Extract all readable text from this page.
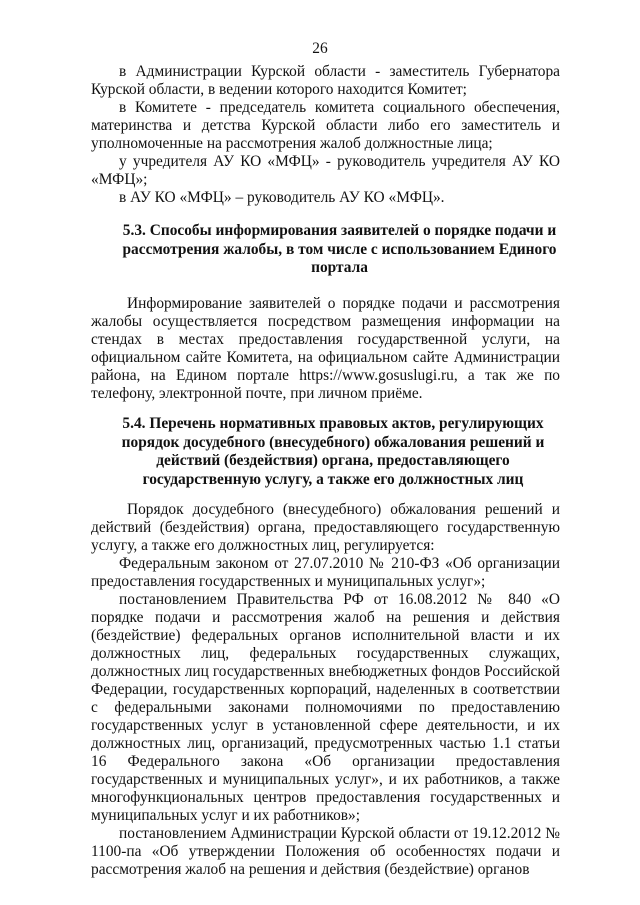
26

в Администрации Курской области - заместитель Губернатора Курской области, в ведении которого находится Комитет;

в Комитете - председатель комитета социального обеспечения, материнства и детства Курской области либо его заместитель и уполномоченные на рассмотрения жалоб должностные лица;

у учредителя АУ КО «МФЦ» - руководитель учредителя АУ КО «МФЦ»;

в АУ КО «МФЦ» – руководитель АУ КО «МФЦ».

5.3. Способы информирования заявителей о порядке подачи и рассмотрения жалобы, в том числе с использованием Единого портала

Информирование заявителей о порядке подачи и рассмотрения жалобы осуществляется посредством размещения информации на стендах в местах предоставления государственной услуги, на официальном сайте Комитета, на официальном сайте Администрации района, на Едином портале https://www.gosuslugi.ru, а так же по телефону, электронной почте, при личном приёме.

5.4. Перечень нормативных правовых актов, регулирующих порядок досудебного (внесудебного) обжалования решений и действий (бездействия) органа, предоставляющего государственную услугу, а также его должностных лиц

Порядок досудебного (внесудебного) обжалования решений и действий (бездействия) органа, предоставляющего государственную услугу, а также его должностных лиц, регулируется:

Федеральным законом от 27.07.2010 № 210-ФЗ «Об организации предоставления государственных и муниципальных услуг»;

постановлением Правительства РФ от 16.08.2012 № 840 «О порядке подачи и рассмотрения жалоб на решения и действия (бездействие) федеральных органов исполнительной власти и их должностных лиц, федеральных государственных служащих, должностных лиц государственных внебюджетных фондов Российской Федерации, государственных корпораций, наделенных в соответствии с федеральными законами полномочиями по предоставлению государственных услуг в установленной сфере деятельности, и их должностных лиц, организаций, предусмотренных частью 1.1 статьи 16 Федерального закона «Об организации предоставления государственных и муниципальных услуг», и их работников, а также многофункциональных центров предоставления государственных и муниципальных услуг и их работников»;

постановлением Администрации Курской области от 19.12.2012 № 1100-па «Об утверждении Положения об особенностях подачи и рассмотрения жалоб на решения и действия (бездействие) органов
